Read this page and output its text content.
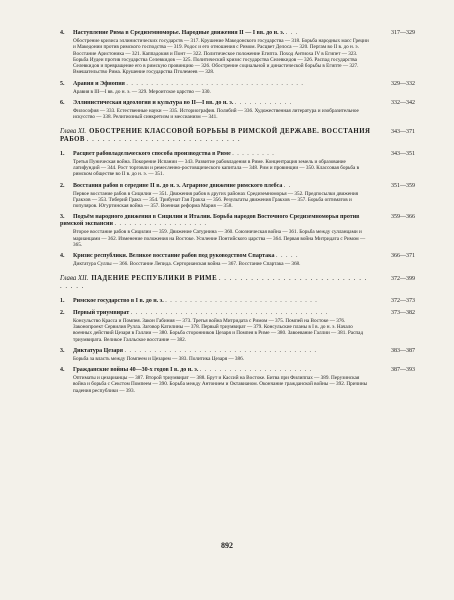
4. Наступление Рима в Средиземноморье. Народные движения II — I вв. до н. э. . . .	317—329
Обострение кризиса эллинистических государств — 317. Крушение Македонского государства — 318. Борьба народных масс Греции и Македонии против римского господства — 319. Родос и его отношения с Римом. Расцвет Делоса — 320. Пергам во II в. до н. э. Восстание Аристоника — 321. Каппадокия и Понт — 322. Политическое положение Египта. Поход Антиоха IV в Египет — 323. Борьба Иудеи против государства Селевкидов — 325. Политический кризис государства Селевкидов — 326. Распад государства Селевкидов и превращение его в римскую провинцию — 326. Обострение социальной и династической борьбы в Египте — 327. Вмешательство Рима. Крушение государства Птолемеев — 328.
5. Аравия и Эфиопия . . . . . . . . . . . . . . . . . . . . . . . . . . . . . . . . . . . .	329—332
Аравия в III—I вв. до н. э. — 329. Мероитское царство — 330.
6. Эллинистическая идеология и культура во II—I вв. до н. э. . . . . . . . . . . . .	332—342
Философия — 333. Естественные науки — 335. Историография. Полибий — 336. Художественная литература и изобразительное искусство — 338. Религиозный синкретизм и мессианизм — 341.
Глава XI. ОБОСТРЕНИЕ КЛАССОВОЙ БОРЬБЫ В РИМСКОЙ ДЕРЖАВЕ. ВОССТАНИЯ РАБОВ . . . . . . . . . . . . . . . . . . . . . . . . . . . . .
343—371
1. Расцвет рабовладельческого способа производства в Риме . . . . . . . . .	343—351
Третья Пуническая война. Покорение Испании — 343. Развитие рабовладения в Риме. Концентрация земель и образование латифундий — 344. Рост торговли и ремесленно-ростовщического капитала — 348. Рим и провинции — 350. Классовая борьба в римском обществе во II в. до н. э. — 351.
2. Восстания рабов в середине II в. до н. э. Аграрное движение римского плебса . .	351—359
Первое восстание рабов в Сицилии — 351. Движения рабов в других районах Средиземноморья — 352. Предпосылки движения Гракхов — 353. Тиберий Гракх — 354. Трибунат Гая Гракха — 356. Результаты движения Гракхов — 357. Борьба оптиматов и популяров. Югуртинская война — 357. Военная реформа Мария — 358.
3. Подъём народного движения в Сицилии и Италии. Борьба народов Восточного Средиземноморья против римской экспансии . . . . . . . . . . . . . . . . . . .
359—366
Второе восстание рабов в Сицилии — 359. Движение Сатурнина — 360. Союзническая война — 361. Борьба между сулланцами и марианцами — 362. Изменение положения на Востоке. Усиление Понтийского царства — 364. Первая война Митридата с Римом — 365.
4. Кризис республики. Великое восстание рабов под руководством Спартака . . . . .	366—371
Диктатура Суллы — 366. Восстание Лепида. Серторианская война — 367. Восстание Спартака — 368.
Глава XII. ПАДЕНИЕ РЕСПУБЛИКИ В РИМЕ . . . . . . . . . . . . . . . . . . . . . . . . . . . . . . . . .
372—399
1. Римское государство в I в. до н. э. . . . . . . . . . . . . . . . . . . . . . . . . . . . . . . .	372—373
2. Первый триумвират . . . . . . . . . . . . . . . . . . . . . . . . . . . . . . . . . . . . . . . .	373—382
Консульство Красса и Помпея. Закон Габиния — 373. Третья война Митридата с Римом — 375. Помпей на Востоке — 376. Законопроект Сервилия Рулла. Заговор Катилины — 378. Первый триумвират — 379. Консульские планы в I в. до н. э. Начало военных действий Цезаря в Галлии — 380. Борьба сторонников Цезаря и Помпея в Риме — 380. Завоевание Галлии — 381. Распад триумвирата. Великое Галльское восстание — 382.
3. Диктатура Цезаря . . . . . . . . . . . . . . . . . . . . . . . . . . . . . . . . . . . . . . .	383—387
Борьба за власть между Помпеем и Цезарем — 383. Политика Цезаря — 386.
4. Гражданские войны 40—30-х годов I в. до н. э. . . . . . . . . . . . . . . . . . . . . . . .	387—393
Оптиматы и цезарианцы — 387. Второй триумвират — 388. Брут и Кассий на Востоке. Битва при Филиппах — 389. Перузинская война и борьба с Секстом Помпеем — 390. Борьба между Антонием и Октавианом. Окончание гражданской войны — 392. Причины падения республики — 393.
892
